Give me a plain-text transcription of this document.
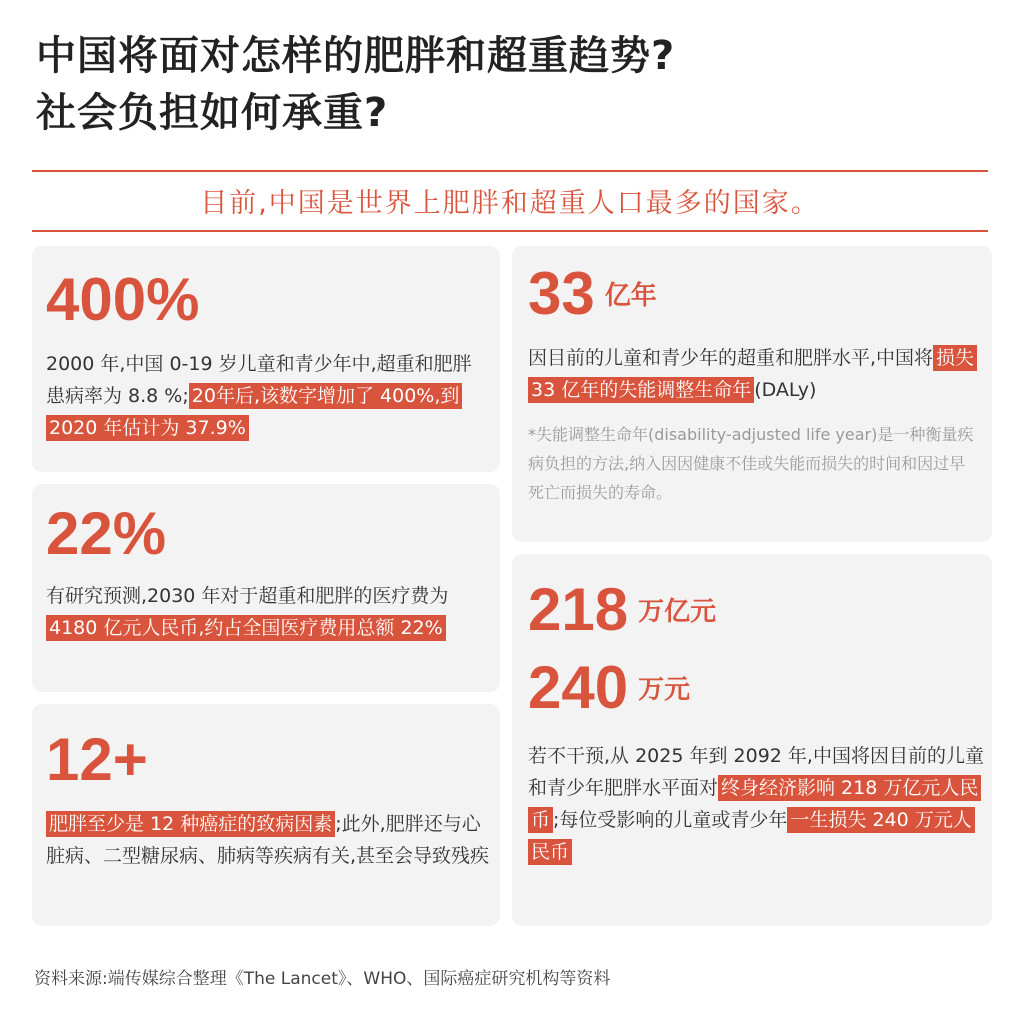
中国将面对怎样的肥胖和超重趋势?
社会负担如何承重?
目前,中国是世界上肥胖和超重人口最多的国家。
400%
2000 年,中国 0-19 岁儿童和青少年中,超重和肥胖患病率为 8.8 %; 20年后,该数字增加了 400%,到 2020 年估计为 37.9%
22%
有研究预测,2030 年对于超重和肥胖的医疗费为4180 亿元人民币,约占全国医疗费用总额 22%
12+
肥胖至少是 12 种癌症的致病因素 ;此外,肥胖还与心脏病、二型糖尿病、肺病等疾病有关,甚至会导致残疾
33 亿年
因目前的儿童和青少年的超重和肥胖水平,中国将 损失 33 亿年的失能调整生命年 (DALy)
*失能调整生命年(disability-adjusted life year)是一种衡量疾病负担的方法,纳入因因健康不佳或失能而损失的时间和因过早死亡而损失的寿命。
218 万亿元
240 万元
若不干预,从 2025 年到 2092 年,中国将因目前的儿童和青少年肥胖水平面对 终身经济影响 218 万亿元人民币 ;每位受影响的儿童或青少年 一生损失 240 万元人民币
资料来源:端传媒综合整理《The Lancet》、WHO、国际癌症研究机构等资料
